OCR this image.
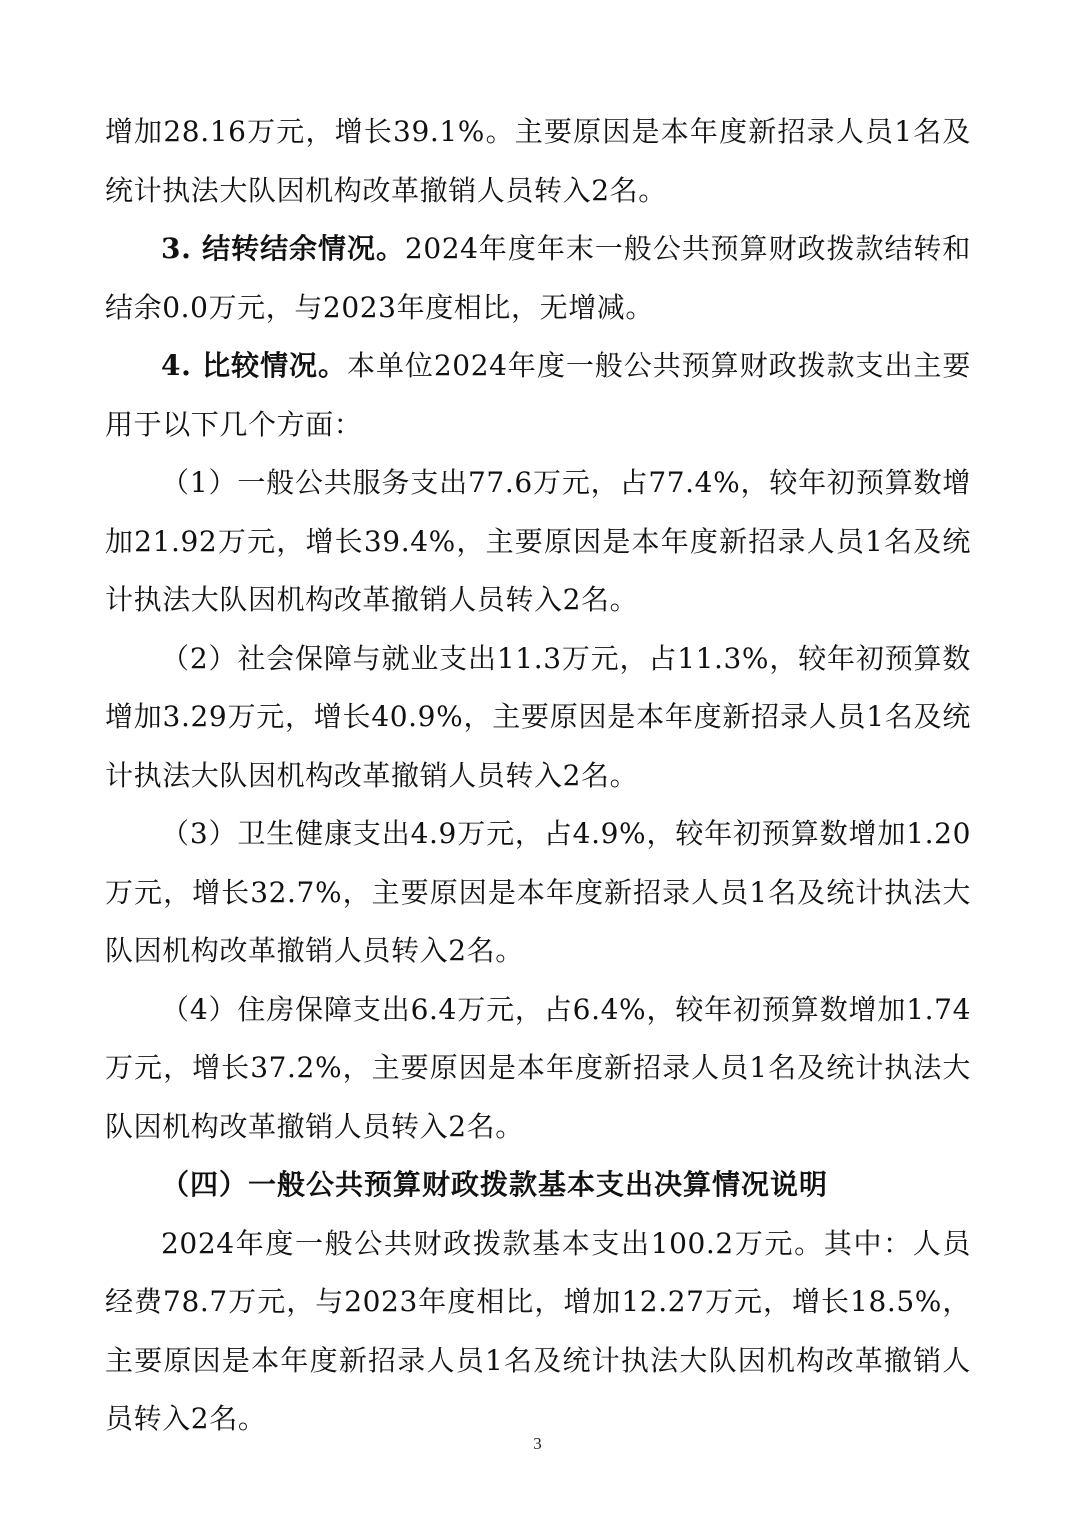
增加28.16万元，增长39.1%。主要原因是本年度新招录人员1名及统计执法大队因机构改革撤销人员转入2名。

3. 结转结余情况。2024年度年末一般公共预算财政拨款结转和结余0.0万元，与2023年度相比，无增减。

4. 比较情况。本单位2024年度一般公共预算财政拨款支出主要用于以下几个方面：

（1）一般公共服务支出77.6万元，占77.4%，较年初预算数增加21.92万元，增长39.4%，主要原因是本年度新招录人员1名及统计执法大队因机构改革撤销人员转入2名。

（2）社会保障与就业支出11.3万元，占11.3%，较年初预算数增加3.29万元，增长40.9%，主要原因是本年度新招录人员1名及统计执法大队因机构改革撤销人员转入2名。

（3）卫生健康支出4.9万元，占4.9%，较年初预算数增加1.20万元，增长32.7%，主要原因是本年度新招录人员1名及统计执法大队因机构改革撤销人员转入2名。

（4）住房保障支出6.4万元，占6.4%，较年初预算数增加1.74万元，增长37.2%，主要原因是本年度新招录人员1名及统计执法大队因机构改革撤销人员转入2名。

（四）一般公共预算财政拨款基本支出决算情况说明

2024年度一般公共财政拨款基本支出100.2万元。其中：人员经费78.7万元，与2023年度相比，增加12.27万元，增长18.5%，主要原因是本年度新招录人员1名及统计执法大队因机构改革撤销人员转入2名。

3
